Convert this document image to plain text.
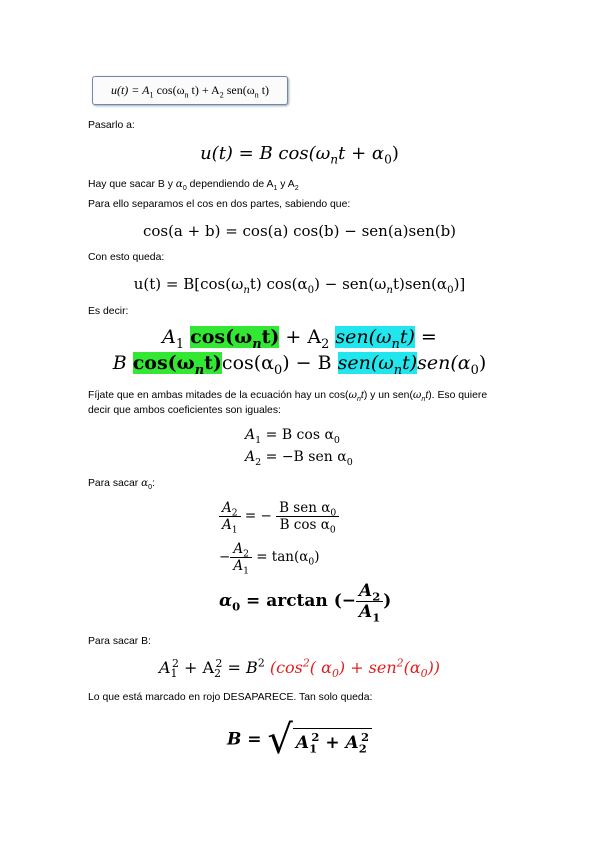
$u(t) = A_1$ $\cos(\omega_n$ $t) + A_2$ $sen(\omega_n$ t)
Pasarlo a:
u(t) = B $\cos(\omega_nt + \alpha_0)$
Hay que sacar B y $\alpha_0$ dependiendo de $A_1$ y $A_2$
Para ello separamos el cos en dos partes, sabiendo que:
cos(a + b) = cos(a) cos(b) − sen(a)sen(b)
Con esto queda:
$u(t) = B[\cos(\omega_nt) \cos(\alpha_0) - sen(\omega_nt)sen(\alpha_0)]$
Es decir:
$A_1$ $\cos(\omega_nt) + A_2$ $sen(\omega_nt)$ =
B $\cos(\omega_nt)\cos(\alpha_0) - B$ $sen(\omega_nt)sen(\alpha_0)$
Fíjate que en ambas mitades de la ecuación hay un $\cos(\omega_nt)$ y un $sen(\omega_nt)$. Eso quiere
decir que ambos coeficientes son iguales:
$A_1 = B$ $\cos \alpha_0$
$A_2 = -B$ sen $\alpha_0$
Para sacar $\alpha_0$:
$\frac{A_2}{A_1}$ = − $\frac{B sen \alpha_0}{B \cos \alpha_0}$
− $\frac{A_2}{A_1} = \tan(\alpha_0)$
$\alpha_0 = \arctan$ (− $\frac{A_2}{A_1}$ )
Para sacar B:
$A_1^2 + A_2^2 = B^2$ ($\cos^2$( $\alpha_0) + sen^2(\alpha_0)$)
Lo que está marcado en rojo DESAPARECE. Tan solo queda:
B = √ $A_1^2 + A_2^2$
